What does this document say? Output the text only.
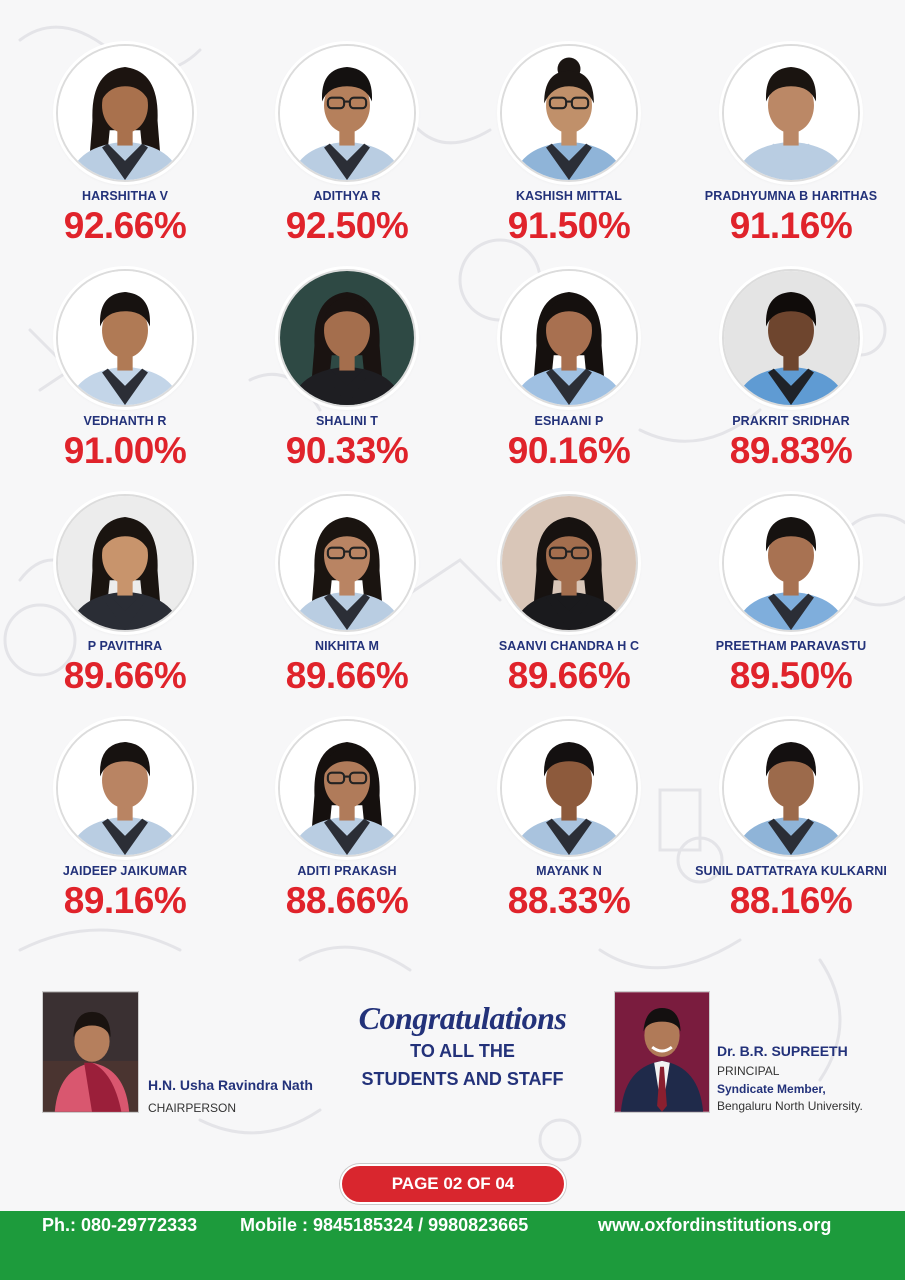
HARSHITHA V
92.66%
ADITHYA R
92.50%
KASHISH MITTAL
91.50%
PRADHYUMNA B HARITHAS
91.16%
VEDHANTH R
91.00%
SHALINI T
90.33%
ESHAANI P
90.16%
PRAKRIT SRIDHAR
89.83%
P PAVITHRA
89.66%
NIKHITA M
89.66%
SAANVI CHANDRA H C
89.66%
PREETHAM PARAVASTU
89.50%
JAIDEEP JAIKUMAR
89.16%
ADITI PRAKASH
88.66%
MAYANK N
88.33%
SUNIL DATTATRAYA KULKARNI
88.16%
H.N. Usha Ravindra Nath
CHAIRPERSON
Congratulations
TO ALL THE
STUDENTS AND STAFF
Dr. B.R. SUPREETH
PRINCIPAL
Syndicate Member,
Bengaluru North University.
PAGE 02 OF 04
Ph.: 080-29772333 Mobile : 9845185324 / 9980823665	www.oxfordinstitutions.org
